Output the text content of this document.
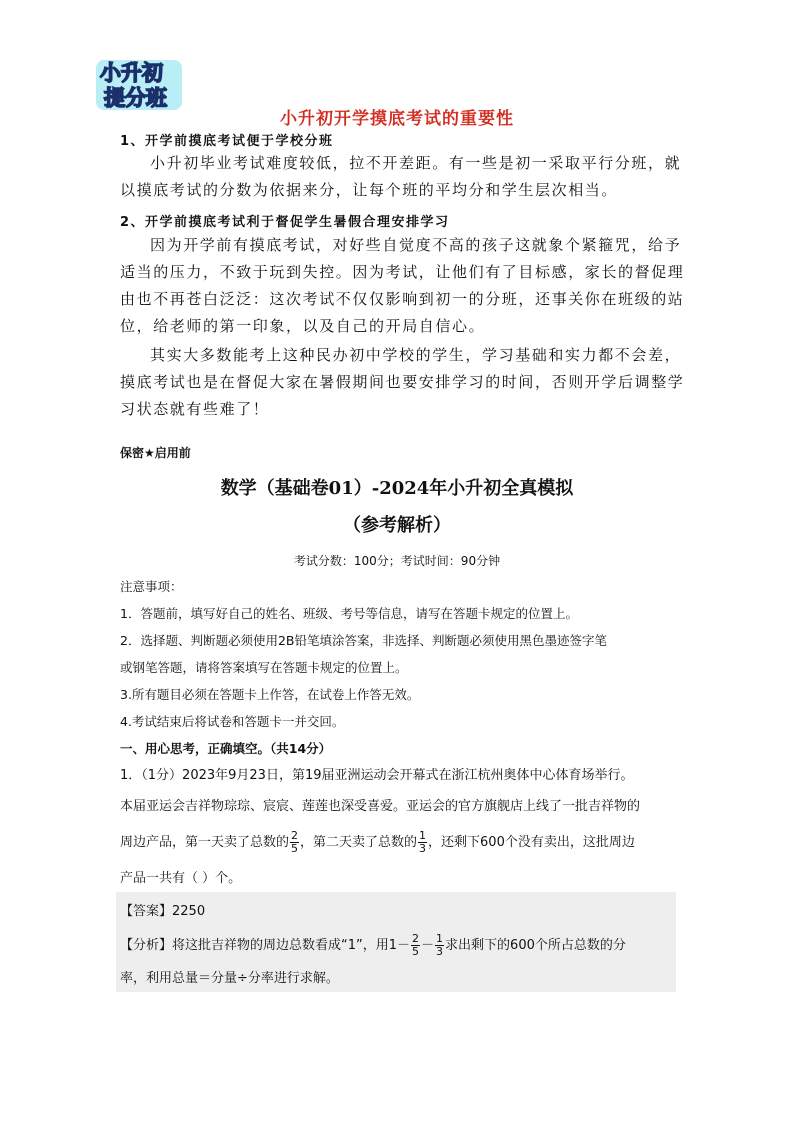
小升初
提分班
小升初开学摸底考试的重要性
1、开学前摸底考试便于学校分班
小升初毕业考试难度较低，拉不开差距。有一些是初一采取平行分班，就以摸底考试的分数为依据来分，让每个班的平均分和学生层次相当。
2、开学前摸底考试利于督促学生暑假合理安排学习
因为开学前有摸底考试，对好些自觉度不高的孩子这就象个紧箍咒，给予适当的压力，不致于玩到失控。因为考试，让他们有了目标感，家长的督促理由也不再苍白泛泛：这次考试不仅仅影响到初一的分班，还事关你在班级的站位，给老师的第一印象，以及自己的开局自信心。
其实大多数能考上这种民办初中学校的学生，学习基础和实力都不会差，摸底考试也是在督促大家在暑假期间也要安排学习的时间，否则开学后调整学习状态就有些难了！
保密★启用前
数学（基础卷01）-2024年小升初全真模拟
（参考解析）
考试分数：100分；考试时间：90分钟
注意事项：
1．答题前，填写好自己的姓名、班级、考号等信息，请写在答题卡规定的位置上。
2．选择题、判断题必须使用2B铅笔填涂答案，非选择、判断题必须使用黑色墨迹签字笔
或钢笔答题，请将答案填写在答题卡规定的位置上。
3.所有题目必须在答题卡上作答，在试卷上作答无效。
4.考试结束后将试卷和答题卡一并交回。
一、用心思考，正确填空。（共14分）
1．（1分）2023年9月23日，第19届亚洲运动会开幕式在浙江杭州奥体中心体育场举行。
本届亚运会吉祥物琮琮、宸宸、莲莲也深受喜爱。亚运会的官方旗舰店上线了一批吉祥物的
周边产品，第一天卖了总数的 $\frac{2}{5}$ ，第二天卖了总数的 $\frac{1}{3}$ ，还剩下600个没有卖出，这批周边
产品一共有（ ）个。
【答案】2250
【分析】将这批吉祥物的周边总数看成“1”，用$1- \frac{2}{5} - \frac{1}{3}$ 求出剩下的600个所占总数的分
率，利用总量＝分量÷分率进行求解。
